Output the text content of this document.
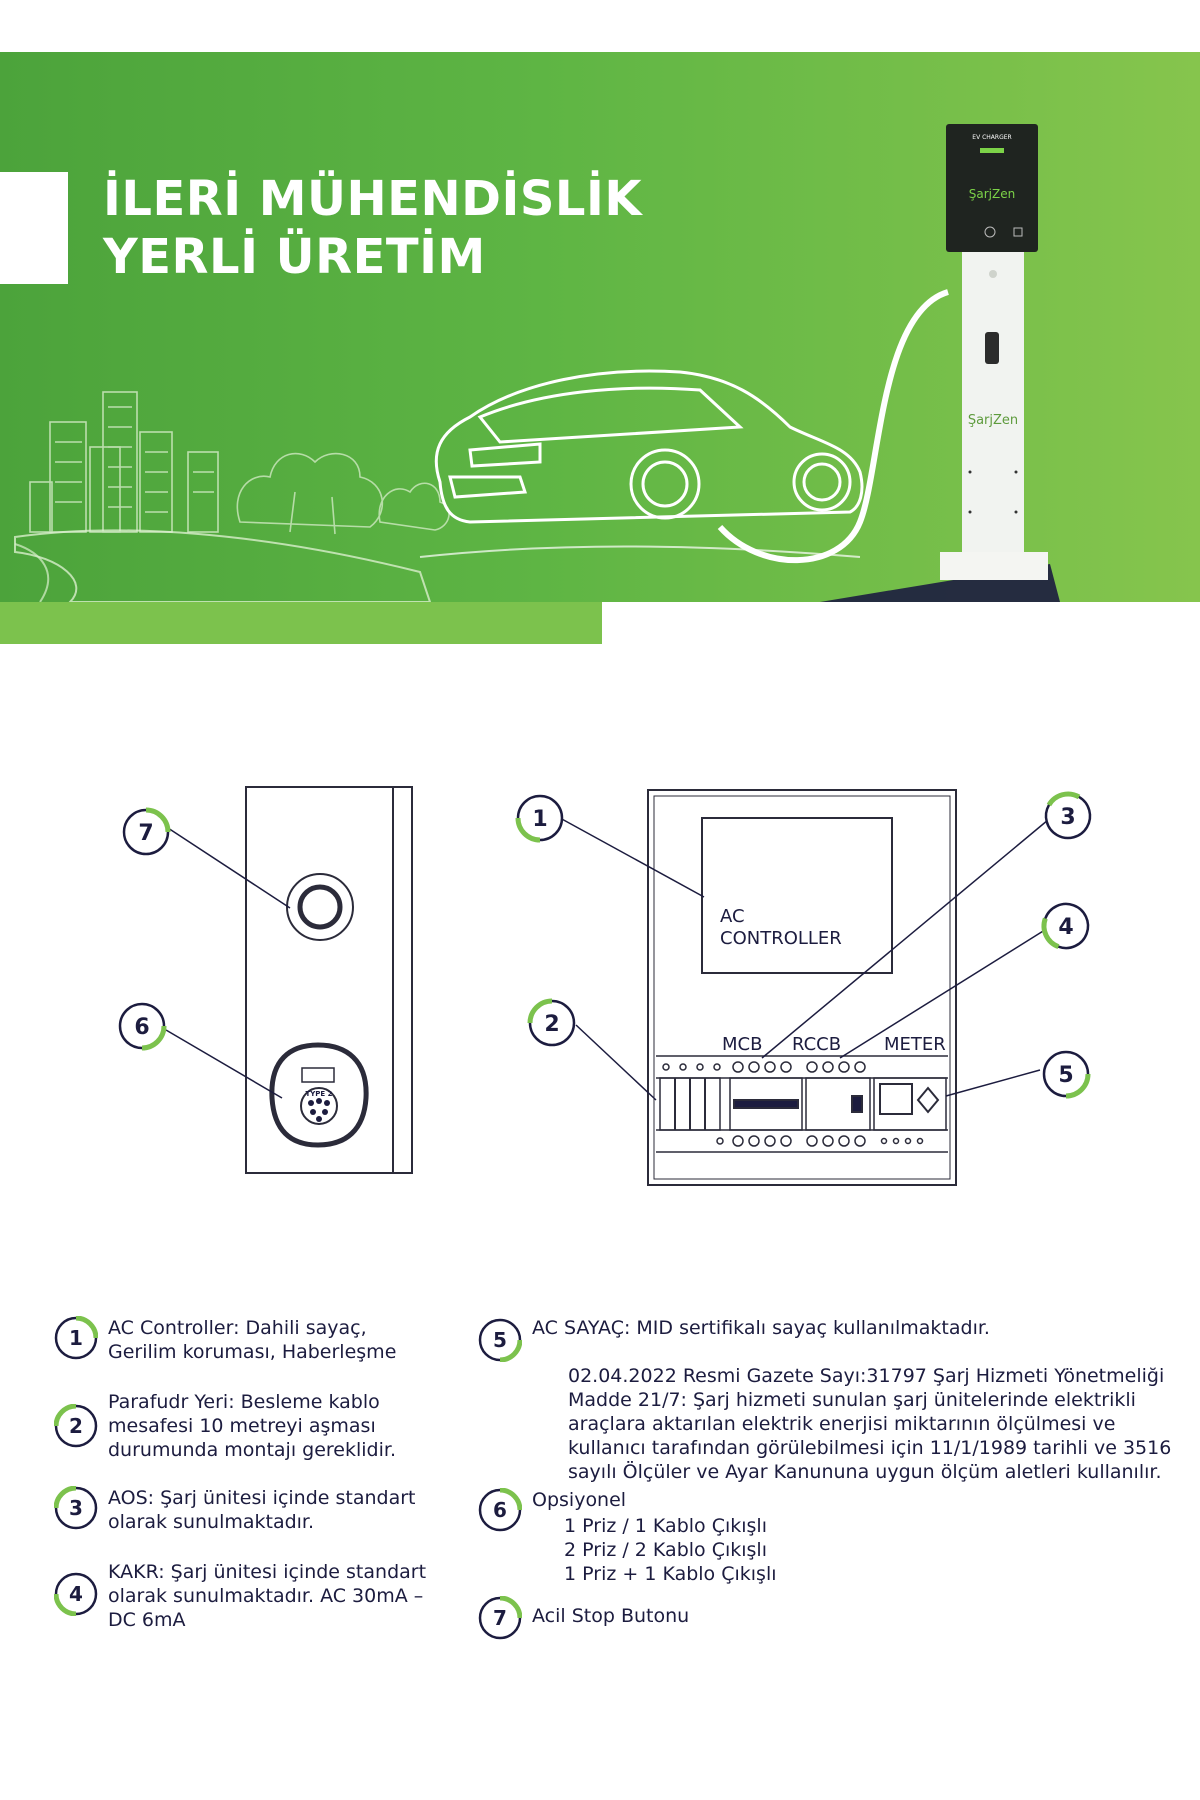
ŞarjZen
EV CHARGER
ŞarjZen
İLERİ MÜHENDİSLİK
YERLİ ÜRETİM
TYPE 2
AC
CONTROLLER
MCB RCCB METER
7
6
1
2
3
4
5
1	AC Controller: Dahili sayaç,
Gerilim koruması, Haberleşme
2
Parafudr Yeri: Besleme kablo
mesafesi 10 metreyi aşması
durumunda montajı gereklidir.
3	AOS: Şarj ünitesi içinde standart
olarak sunulmaktadır.
4
KAKR: Şarj ünitesi içinde standart
olarak sunulmaktadır. AC 30mA –
DC 6mA
5	AC SAYAÇ: MID sertifikalı sayaç kullanılmaktadır.
02.04.2022 Resmi Gazete Sayı:31797 Şarj Hizmeti Yönetmeliği
Madde 21/7: Şarj hizmeti sunulan şarj ünitelerinde elektrikli
araçlara aktarılan elektrik enerjisi miktarının ölçülmesi ve
kullanıcı tarafından görülebilmesi için 11/1/1989 tarihli ve 3516
sayılı Ölçüler ve Ayar Kanununa uygun ölçüm aletleri kullanılır.
6	Opsiyonel
1 Priz / 1 Kablo Çıkışlı
2 Priz / 2 Kablo Çıkışlı
1 Priz + 1 Kablo Çıkışlı
7	Acil Stop Butonu
